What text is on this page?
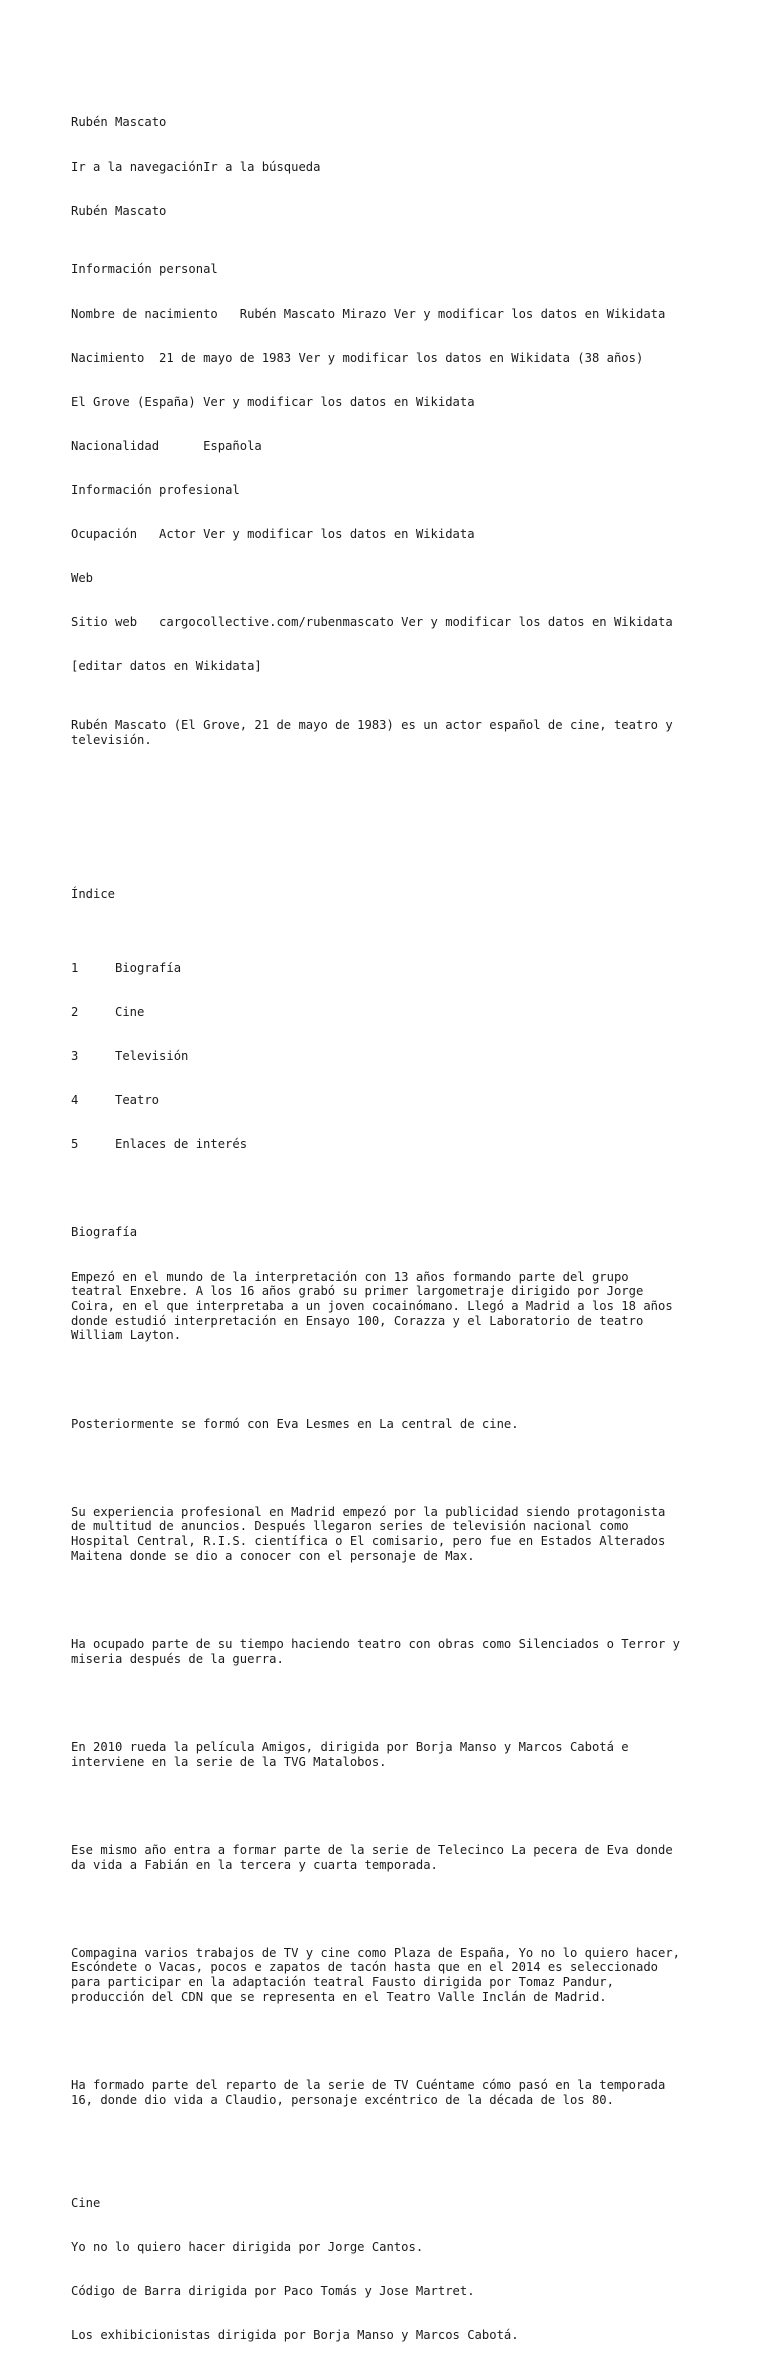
Rubén Mascato

Ir a la navegaciónIr a la búsqueda

Rubén Mascato

Información personal

Nombre de nacimiento   Rubén Mascato Mirazo Ver y modificar los datos en Wikidata

Nacimiento  21 de mayo de 1983 Ver y modificar los datos en Wikidata (38 años)

El Grove (España) Ver y modificar los datos en Wikidata

Nacionalidad      Española

Información profesional

Ocupación   Actor Ver y modificar los datos en Wikidata

Web

Sitio web   cargocollective.com/rubenmascato Ver y modificar los datos en Wikidata

[editar datos en Wikidata]

Rubén Mascato (El Grove, 21 de mayo de 1983) es un actor español de cine, teatro y
televisión.

Índice

1	Biografía

2	Cine

3	Televisión

4	Teatro

5	Enlaces de interés

Biografía

Empezó en el mundo de la interpretación con 13 años formando parte del grupo
teatral Enxebre. A los 16 años grabó su primer largometraje dirigido por Jorge
Coira, en el que interpretaba a un joven cocainómano. Llegó a Madrid a los 18 años
donde estudió interpretación en Ensayo 100, Corazza y el Laboratorio de teatro
William Layton.

Posteriormente se formó con Eva Lesmes en La central de cine.

Su experiencia profesional en Madrid empezó por la publicidad siendo protagonista
de multitud de anuncios. Después llegaron series de televisión nacional como
Hospital Central, R.I.S. científica o El comisario, pero fue en Estados Alterados
Maitena donde se dio a conocer con el personaje de Max.

Ha ocupado parte de su tiempo haciendo teatro con obras como Silenciados o Terror y
miseria después de la guerra.

En 2010 rueda la película Amigos, dirigida por Borja Manso y Marcos Cabotá e
interviene en la serie de la TVG Matalobos.

Ese mismo año entra a formar parte de la serie de Telecinco La pecera de Eva donde
da vida a Fabián en la tercera y cuarta temporada.

Compagina varios trabajos de TV y cine como Plaza de España, Yo no lo quiero hacer,
Escóndete o Vacas, pocos e zapatos de tacón hasta que en el 2014 es seleccionado
para participar en la adaptación teatral Fausto dirigida por Tomaz Pandur,
producción del CDN que se representa en el Teatro Valle Inclán de Madrid.

Ha formado parte del reparto de la serie de TV Cuéntame cómo pasó en la temporada
16, donde dio vida a Claudio, personaje excéntrico de la década de los 80.

Cine

Yo no lo quiero hacer dirigida por Jorge Cantos.

Código de Barra dirigida por Paco Tomás y Jose Martret.

Los exhibicionistas dirigida por Borja Manso y Marcos Cabotá.
